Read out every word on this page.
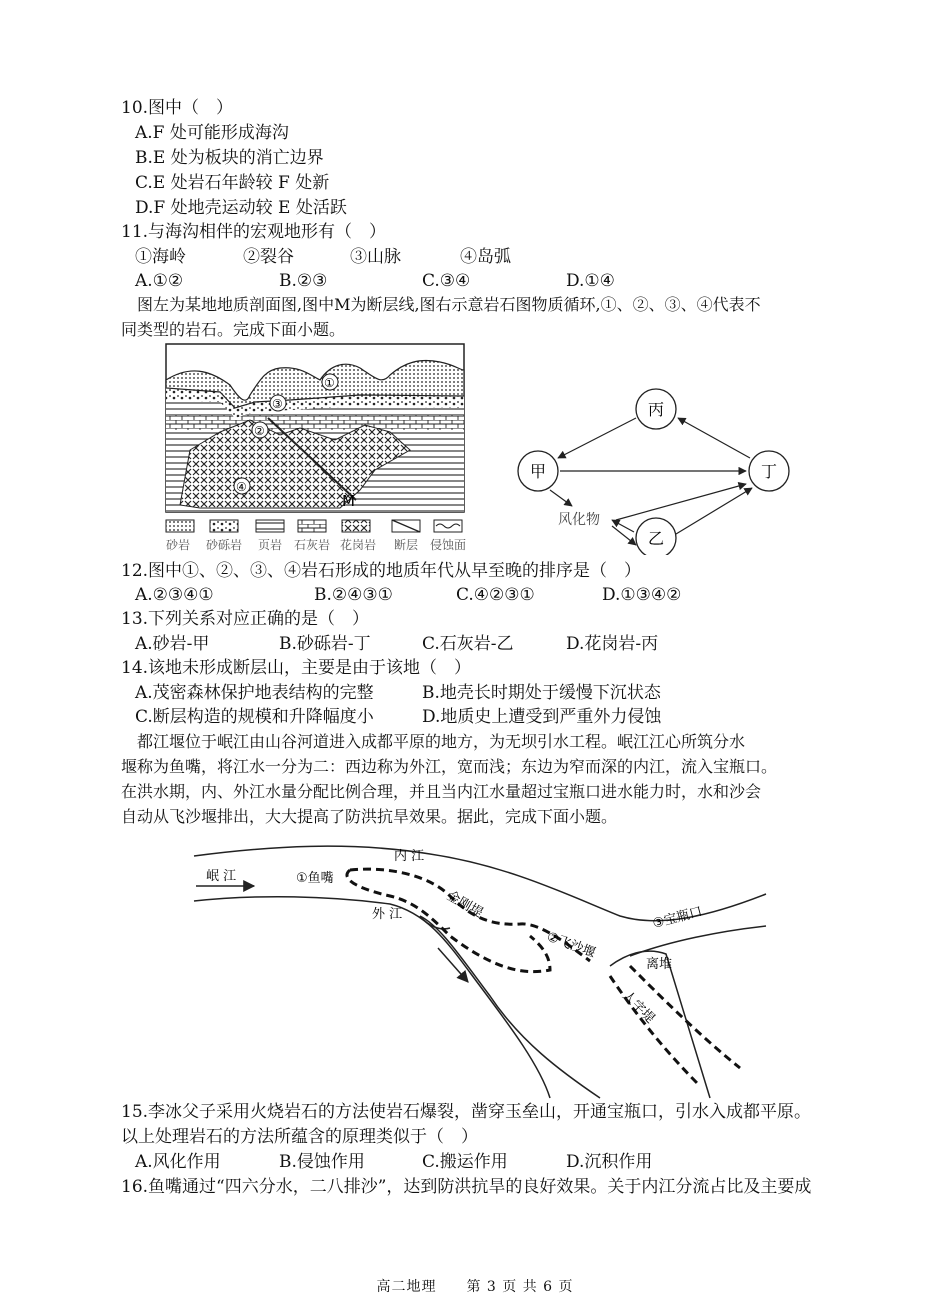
10.图中（　）
A.F 处可能形成海沟
B.E 处为板块的消亡边界
C.E 处岩石年龄较 F 处新
D.F 处地壳运动较 E 处活跃
11.与海沟相伴的宏观地形有（　）
①海岭	②裂谷	③山脉	④岛弧
A.①②	B.②③	C.③④	D.①④
图左为某地地质剖面图,图中M为断层线,图右示意岩石图物质循环,①、②、③、④代表不
同类型的岩石。完成下面小题。
M
①
③
②
④
砂岩 砂砾岩 页岩 石灰岩 花岗岩 断层 侵蚀面
丙
甲	丁
乙
风化物
12.图中①、②、③、④岩石形成的地质年代从早至晚的排序是（　）
A.②③④①	B.②④③①	C.④②③①	D.①③④②
13.下列关系对应正确的是（　）
A.砂岩-甲	B.砂砾岩-丁	C.石灰岩-乙	D.花岗岩-丙
14.该地未形成断层山，主要是由于该地（　）
A.茂密森林保护地表结构的完整	B.地壳长时期处于缓慢下沉状态
C.断层构造的规模和升降幅度小	D.地质史上遭受到严重外力侵蚀
都江堰位于岷江由山谷河道进入成都平原的地方，为无坝引水工程。岷江江心所筑分水
堰称为鱼嘴，将江水一分为二：西边称为外江，宽而浅；东边为窄而深的内江，流入宝瓶口。
在洪水期，内、外江水量分配比例合理，并且当内江水量超过宝瓶口进水能力时，水和沙会
自动从飞沙堰排出，大大提高了防洪抗旱效果。据此，完成下面小题。
内 江
岷 江	①鱼嘴
外 江	金刚堤
②飞沙堰
③宝瓶口
离堆
人字堤
15.李冰父子采用火烧岩石的方法使岩石爆裂，凿穿玉垒山，开通宝瓶口，引水入成都平原。
以上处理岩石的方法所蕴含的原理类似于（　）
A.风化作用	B.侵蚀作用	C.搬运作用	D.沉积作用
16.鱼嘴通过“四六分水，二八排沙”，达到防洪抗旱的良好效果。关于内江分流占比及主要成
高二地理　　第 3 页 共 6 页
